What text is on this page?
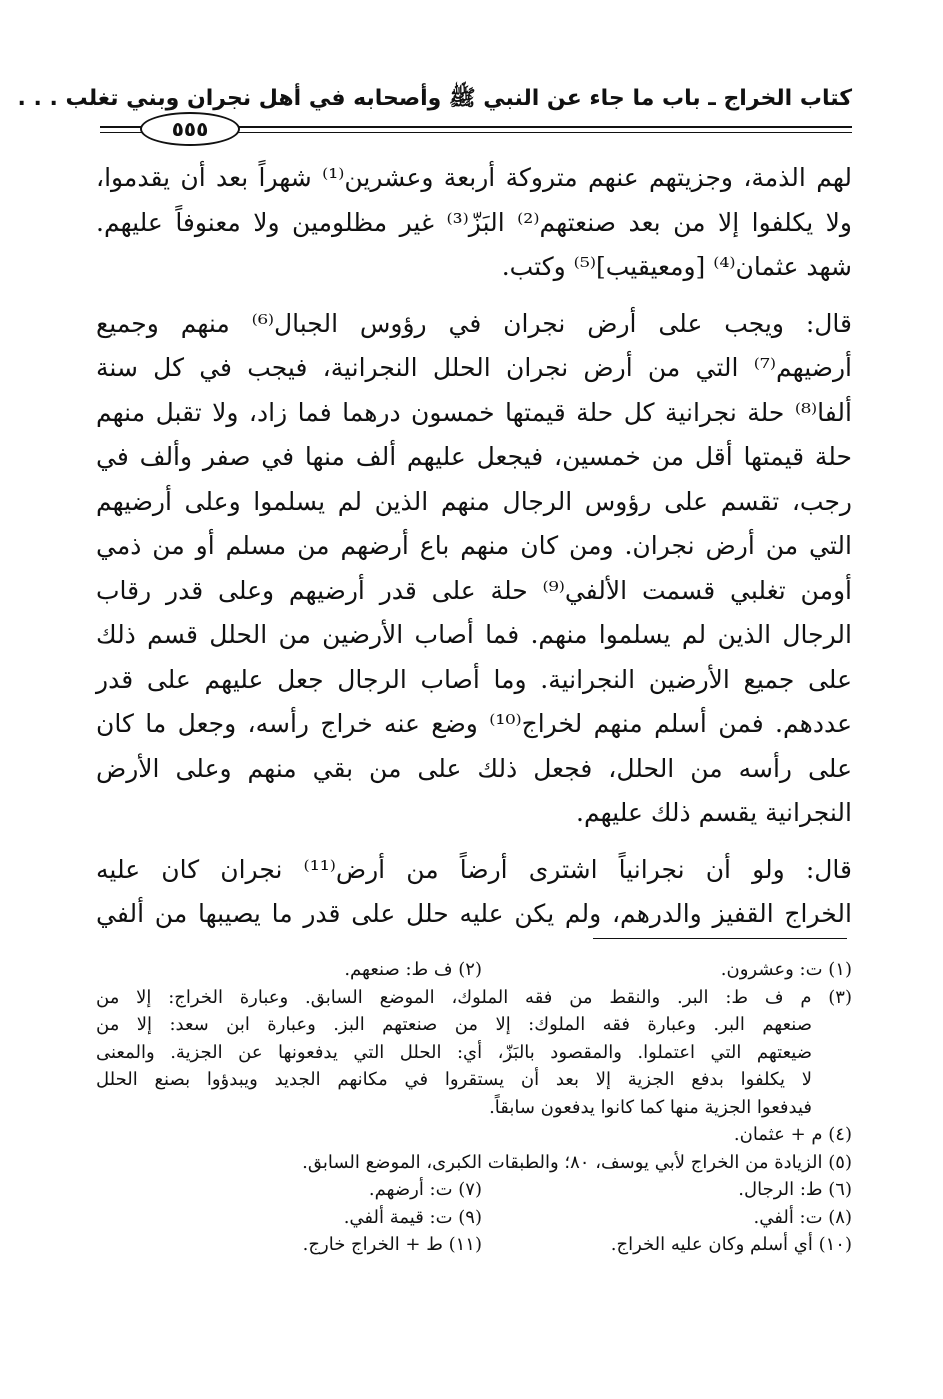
كتاب الخراج ـ باب ما جاء عن النبي ﷺ وأصحابه في أهل نجران وبني تغلب . . .
٥٥٥
لهم الذمة، وجزيتهم عنهم متروكة أربعة وعشرين⁽¹⁾ شهراً بعد أن يقدموا،
ولا يكلفوا إلا من بعد صنعتهم⁽²⁾ البَزّ⁽³⁾ غير مظلومين ولا معنوفاً عليهم.
شهد عثمان⁽⁴⁾ [ومعيقيب]⁽⁵⁾ وكتب.
قال: ويجب على أرض نجران في رؤوس الجبال⁽⁶⁾ منهم وجميع
أرضيهم⁽⁷⁾ التي من أرض نجران الحلل النجرانية، فيجب في كل سنة
ألفا⁽⁸⁾ حلة نجرانية كل حلة قيمتها خمسون درهما فما زاد، ولا تقبل منهم
حلة قيمتها أقل من خمسين، فيجعل عليهم ألف منها في صفر وألف في
رجب، تقسم على رؤوس الرجال منهم الذين لم يسلموا وعلى أرضيهم
التي من أرض نجران. ومن كان منهم باع أرضهم من مسلم أو من ذمي
أومن تغلبي قسمت الألفي⁽⁹⁾ حلة على قدر أرضيهم وعلى قدر رقاب
الرجال الذين لم يسلموا منهم. فما أصاب الأرضين من الحلل قسم ذلك
على جميع الأرضين النجرانية. وما أصاب الرجال جعل عليهم على قدر
عددهم. فمن أسلم منهم لخراج⁽¹⁰⁾ وضع عنه خراج رأسه، وجعل ما كان
على رأسه من الحلل، فجعل ذلك على من بقي منهم وعلى الأرض
النجرانية يقسم ذلك عليهم.
قال: ولو أن نجرانياً اشترى أرضاً من أرض⁽¹¹⁾ نجران كان عليه
الخراج القفيز والدرهم، ولم يكن عليه حلل على قدر ما يصيبها من ألفي
(١) ت: وعشرون.
(٢) ف ط: صنعهم.
(٣) م ف ط: البر. والنقط من فقه الملوك، الموضع السابق. وعبارة الخراج: إلا من
صنعهم البر. وعبارة فقه الملوك: إلا من صنعتهم البز. وعبارة ابن سعد: إلا من
ضيعتهم التي اعتملوا. والمقصود بالبَزّ، أي: الحلل التي يدفعونها عن الجزية. والمعنى
لا يكلفوا بدفع الجزية إلا بعد أن يستقروا في مكانهم الجديد ويبدؤوا بصنع الحلل
فيدفعوا الجزية منها كما كانوا يدفعون سابقاً.
(٤) م + عثمان.
(٥) الزيادة من الخراج لأبي يوسف، ٨٠؛ والطبقات الكبرى، الموضع السابق.
(٦) ط: الرجال.
(٧) ت: أرضهم.
(٨) ت: ألفي.
(٩) ت: قيمة ألفي.
(١٠) أي أسلم وكان عليه الخراج.
(١١) ط + الخراج خارج.
